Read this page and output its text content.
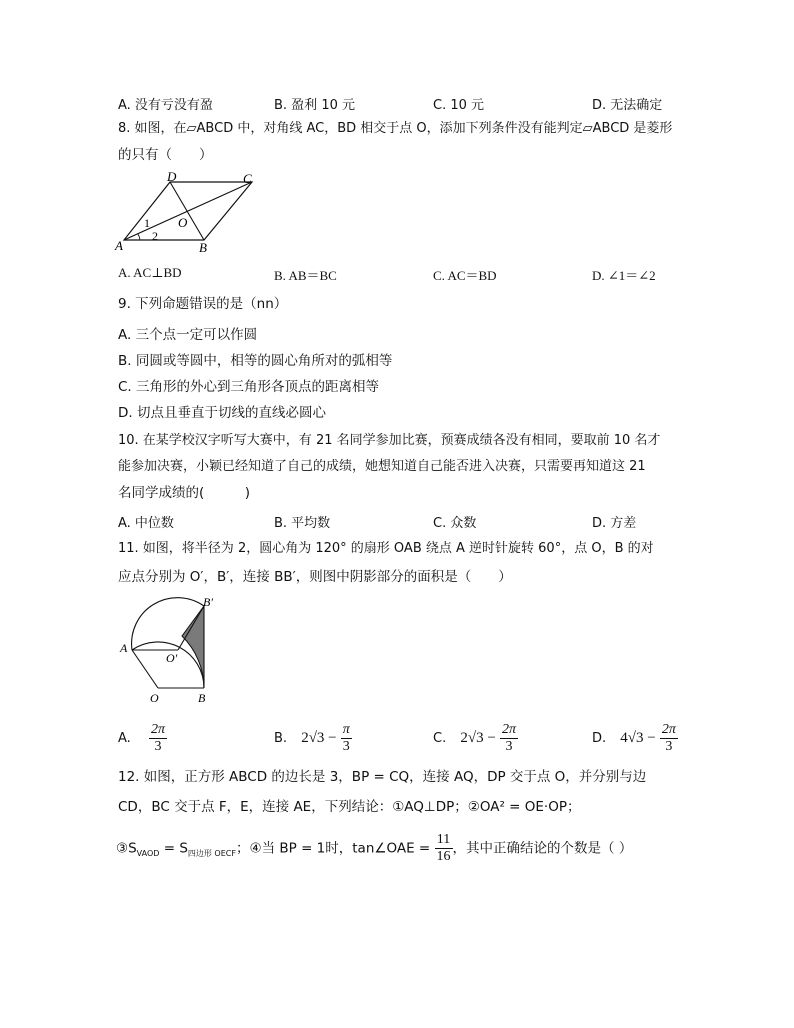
A. 没有亏没有盈	B. 盈利 10 元	C. 10 元	D. 无法确定
8. 如图，在▱ABCD 中，对角线 AC，BD 相交于点 O，添加下列条件没有能判定▱ABCD 是菱形
的只有（　　）
D	C
O
1
2
A	B
A. AC⊥BD	B. AB＝BC	C. AC＝BD	D. ∠1＝∠2
9. 下列命题错误的是（nn）
A. 三个点一定可以作圆
B. 同圆或等圆中，相等的圆心角所对的弧相等
C. 三角形的外心到三角形各顶点的距离相等
D. 切点且垂直于切线的直线必圆心
10. 在某学校汉字听写大赛中，有 21 名同学参加比赛，预赛成绩各没有相同，要取前 10 名才
能参加决赛，小颖已经知道了自己的成绩，她想知道自己能否进入决赛，只需要再知道这 21
名同学成绩的(　　　)
A. 中位数	B. 平均数	C. 众数	D. 方差
11. 如图，将半径为 2，圆心角为 120° 的扇形 OAB 绕点 A 逆时针旋转 60°，点 O，B 的对
应点分别为 O′，B′，连接 BB′，则图中阴影部分的面积是（　　）
B′
A
O′
O	B
A. $\frac{2\pi}{3}$	B. $2√3 - \frac{\pi}{3}$	C. $2√3 - \frac{2\pi}{3}$	D. $4√3 - \frac{2\pi}{3}$
12. 如图，正方形 ABCD 的边长是 3，BP = CQ，连接 AQ，DP 交于点 O，并分别与边
CD，BC 交于点 F，E，连接 AE，下列结论：①AQ⊥DP；②OA² = OE·OP；
$③S_{VAOD} = S_{四边形 OECF}$；④当 BP = 1时，tan∠OAE = $\frac{11}{16}$ ，其中正确结论的个数是（ ）
